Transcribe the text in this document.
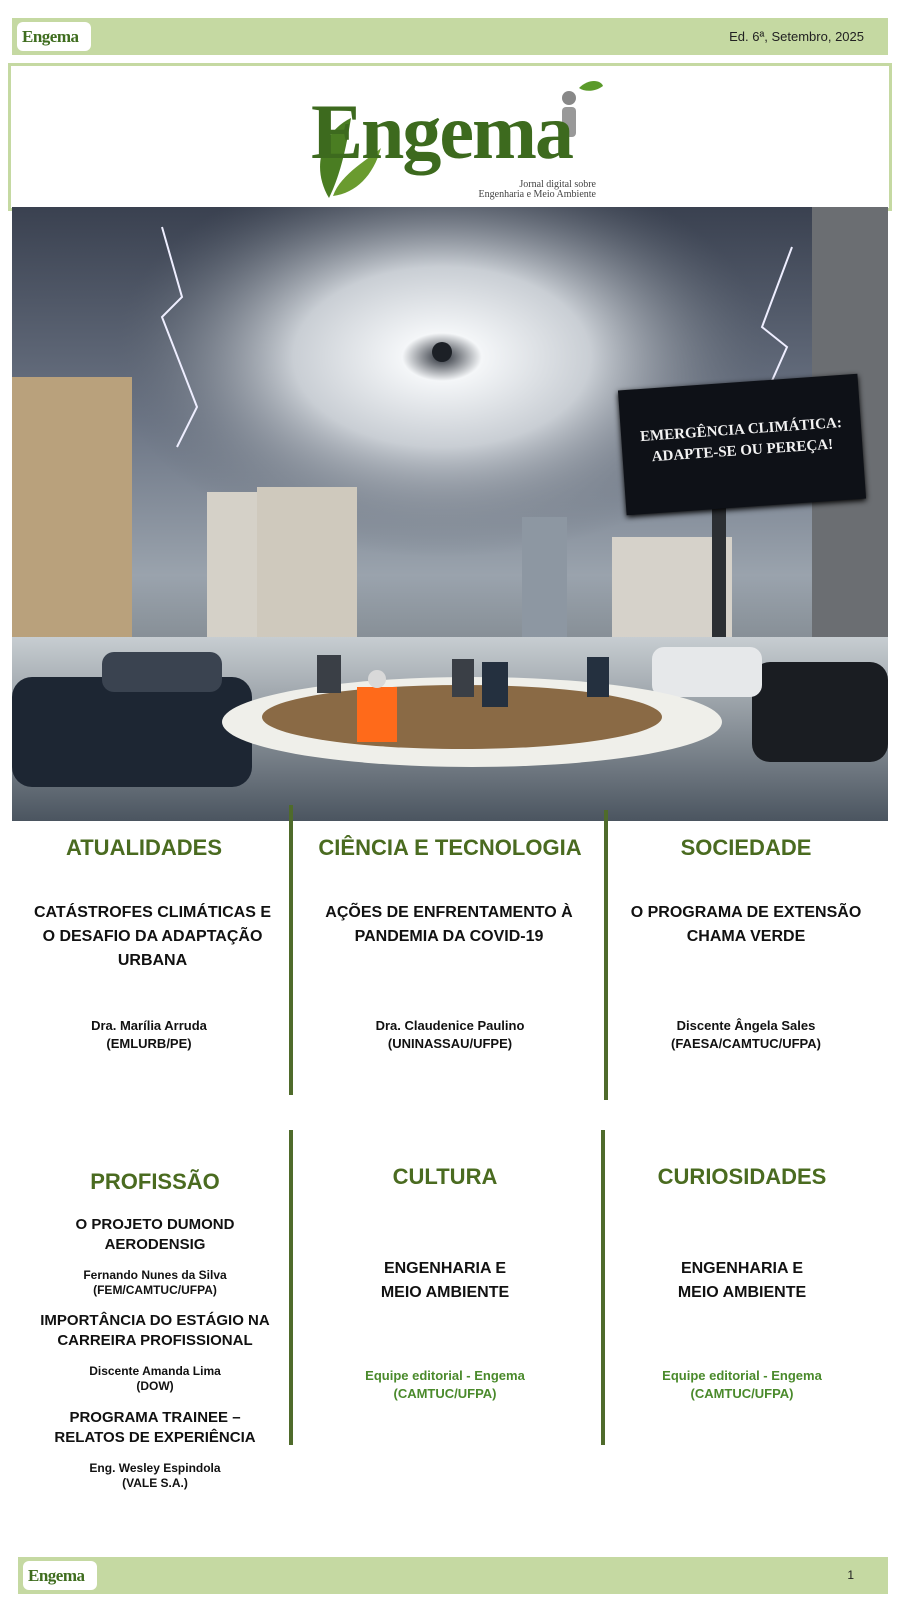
Engema	Ed. 6ª, Setembro, 2025
Engema
Jornal digital sobre
Engenharia e Meio Ambiente
EMERGÊNCIA CLIMÁTICA:
ADAPTE-SE OU PEREÇA!
ATUALIDADES
CATÁSTROFES CLIMÁTICAS E O DESAFIO DA ADAPTAÇÃO URBANA
Dra. Marília Arruda
(EMLURB/PE)
CIÊNCIA E TECNOLOGIA
AÇÕES DE ENFRENTAMENTO À PANDEMIA DA COVID-19
Dra. Claudenice Paulino
(UNINASSAU/UFPE)
SOCIEDADE
O PROGRAMA DE EXTENSÃO CHAMA VERDE
Discente Ângela Sales
(FAESA/CAMTUC/UFPA)
PROFISSÃO
O PROJETO DUMOND
AERODENSIG
Fernando Nunes da Silva
(FEM/CAMTUC/UFPA)
IMPORTÂNCIA DO ESTÁGIO NA
CARREIRA PROFISSIONAL
Discente Amanda Lima
(DOW)
PROGRAMA TRAINEE –
RELATOS DE EXPERIÊNCIA
Eng. Wesley Espindola
(VALE S.A.)
CULTURA
ENGENHARIA E
MEIO AMBIENTE
Equipe editorial - Engema
(CAMTUC/UFPA)
CURIOSIDADES
ENGENHARIA E
MEIO AMBIENTE
Equipe editorial - Engema
(CAMTUC/UFPA)
Engema	1
